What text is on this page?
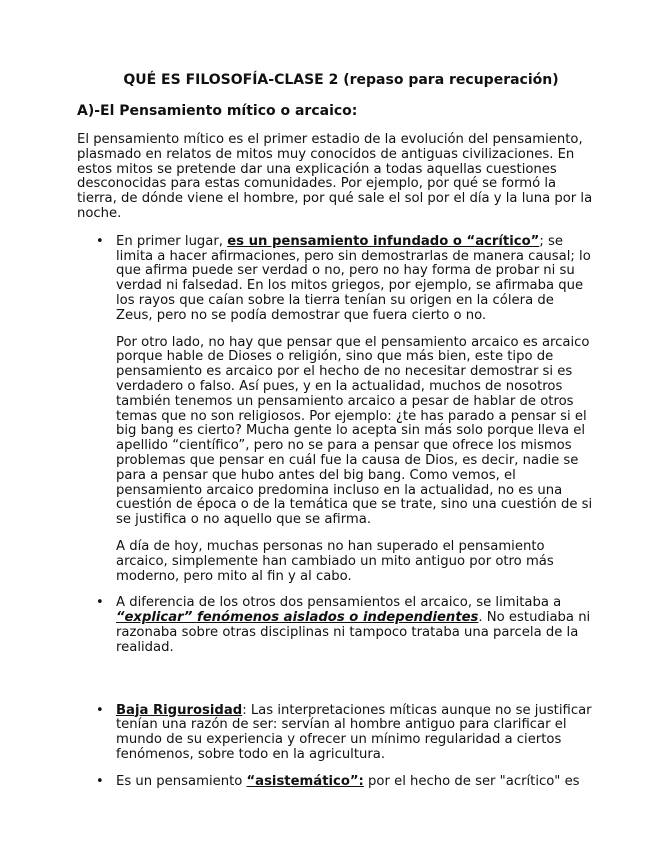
QUÉ ES FILOSOFÍA-CLASE 2 (repaso para recuperación)
A)-El Pensamiento mítico o arcaico:

El pensamiento mítico es el primer estadio de la evolución del pensamiento, plasmado en relatos de mitos muy conocidos de antiguas civilizaciones. En estos mitos se pretende dar una explicación a todas aquellas cuestiones desconocidas para estas comunidades. Por ejemplo, por qué se formó la tierra, de dónde viene el hombre, por qué sale el sol por el día y la luna por la noche.

• En primer lugar, es un pensamiento infundado o “acrítico”; se limita a hacer afirmaciones, pero sin demostrarlas de manera causal; lo que afirma puede ser verdad o no, pero no hay forma de probar ni su verdad ni falsedad. En los mitos griegos, por ejemplo, se afirmaba que los rayos que caían sobre la tierra tenían su origen en la cólera de Zeus, pero no se podía demostrar que fuera cierto o no.

Por otro lado, no hay que pensar que el pensamiento arcaico es arcaico porque hable de Dioses o religión, sino que más bien, este tipo de pensamiento es arcaico por el hecho de no necesitar demostrar si es verdadero o falso. Así pues, y en la actualidad, muchos de nosotros también tenemos un pensamiento arcaico a pesar de hablar de otros temas que no son religiosos. Por ejemplo: ¿te has parado a pensar si el big bang es cierto? Mucha gente lo acepta sin más solo porque lleva el apellido “científico”, pero no se para a pensar que ofrece los mismos problemas que pensar en cuál fue la causa de Dios, es decir, nadie se para a pensar que hubo antes del big bang. Como vemos, el pensamiento arcaico predomina incluso en la actualidad, no es una cuestión de época o de la temática que se trate, sino una cuestión de si se justifica o no aquello que se afirma.

A día de hoy, muchas personas no han superado el pensamiento arcaico, simplemente han cambiado un mito antiguo por otro más moderno, pero mito al fin y al cabo.

• A diferencia de los otros dos pensamientos el arcaico, se limitaba a “explicar” fenómenos aislados o independientes. No estudiaba ni razonaba sobre otras disciplinas ni tampoco trataba una parcela de la realidad.

• Baja Rigurosidad: Las interpretaciones míticas aunque no se justificar tenían una razón de ser: servían al hombre antiguo para clarificar el mundo de su experiencia y ofrecer un mínimo regularidad a ciertos fenómenos, sobre todo en la agricultura.

• Es un pensamiento “asistemático”: por el hecho de ser "acrítico" es
